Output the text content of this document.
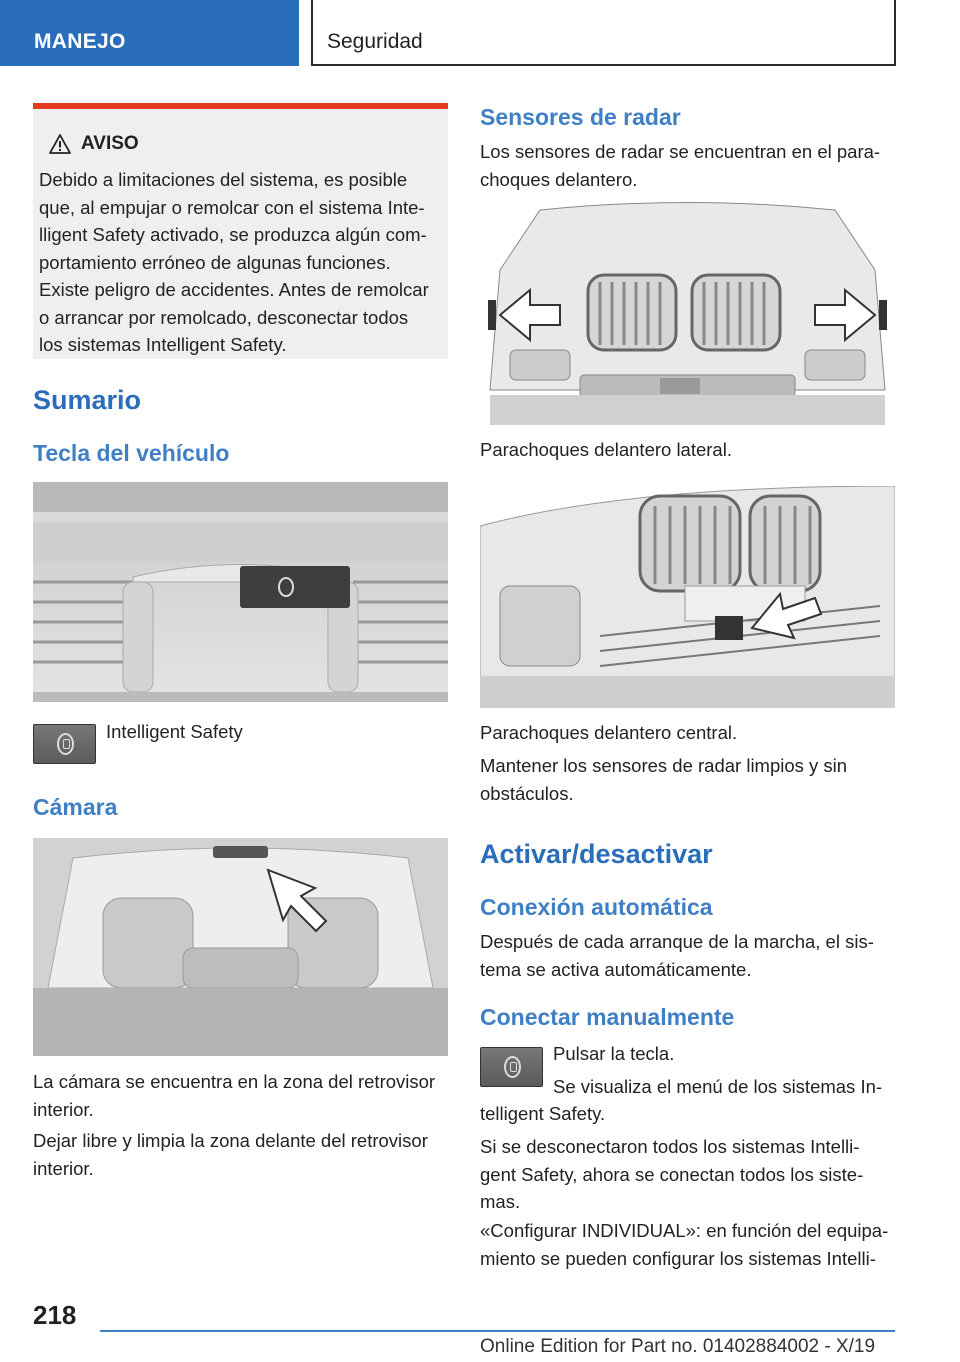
MANEJO	Seguridad
AVISO
Debido a limitaciones del sistema, es posible
que, al empujar o remolcar con el sistema Inte-
lligent Safety activado, se produzca algún com-
portamiento erróneo de algunas funciones.
Existe peligro de accidentes. Antes de remolcar
o arrancar por remolcado, desconectar todos
los sistemas Intelligent Safety.
Sumario
Tecla del vehículo

Intelligent Safety

Cámara

La cámara se encuentra en la zona del retrovisor
interior.

Dejar libre y limpia la zona delante del retrovisor
interior.

Sensores de radar

Los sensores de radar se encuentran en el para-
choques delantero.

Parachoques delantero lateral.

Parachoques delantero central.

Mantener los sensores de radar limpios y sin
obstáculos.

Activar/desactivar
Conexión automática

Después de cada arranque de la marcha, el sis-
tema se activa automáticamente.

Conectar manualmente

Pulsar la tecla.

Se visualiza el menú de los sistemas In-

telligent Safety.

Si se desconectaron todos los sistemas Intelli-
gent Safety, ahora se conectan todos los siste-
mas.

«Configurar INDIVIDUAL»: en función del equipa-
miento se pueden configurar los sistemas Intelli-

218
Online Edition for Part no. 01402884002 - X/19
